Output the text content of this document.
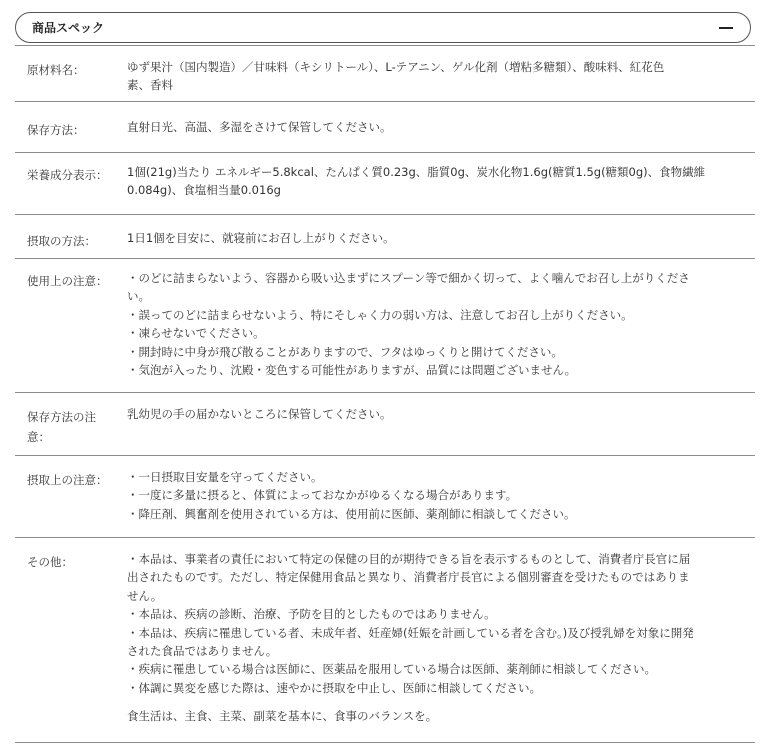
商品スペック
原材料名：	ゆず果汁（国内製造）／甘味料（キシリトール）、L-テアニン、ゲル化剤（増粘多糖類）、酸味料、紅花色
素、香料
保存方法：	直射日光、高温、多湿をさけて保管してください。
栄養成分表示：	1個(21g)当たり エネルギー5.8kcal、たんぱく質0.23g、脂質0g、炭水化物1.6g(糖質1.5g(糖類0g)、食物繊維
0.084g)、食塩相当量0.016g
摂取の方法：	1日1個を目安に、就寝前にお召し上がりください。
使用上の注意：	・のどに詰まらないよう、容器から吸い込まずにスプーン等で細かく切って、よく噛んでお召し上がりくださ
い。
・誤ってのどに詰まらせないよう、特にそしゃく力の弱い方は、注意してお召し上がりください。
・凍らせないでください。
・開封時に中身が飛び散ることがありますので、フタはゆっくりと開けてください。
・気泡が入ったり、沈殿・変色する可能性がありますが、品質には問題ございません。
保存方法の注
意：
乳幼児の手の届かないところに保管してください。
摂取上の注意：	・一日摂取目安量を守ってください。
・一度に多量に摂ると、体質によっておなかがゆるくなる場合があります。
・降圧剤、興奮剤を使用されている方は、使用前に医師、薬剤師に相談してください。
その他：	・本品は、事業者の責任において特定の保健の目的が期待できる旨を表示するものとして、消費者庁長官に届
出されたものです。ただし、特定保健用食品と異なり、消費者庁長官による個別審査を受けたものではありま
せん。
・本品は、疾病の診断、治療、予防を目的としたものではありません。
・本品は、疾病に罹患している者、未成年者、妊産婦(妊娠を計画している者を含む。)及び授乳婦を対象に開発
された食品ではありません。
・疾病に罹患している場合は医師に、医薬品を服用している場合は医師、薬剤師に相談してください。
・体調に異変を感じた際は、速やかに摂取を中止し、医師に相談してください。

食生活は、主食、主菜、副菜を基本に、食事のバランスを。
